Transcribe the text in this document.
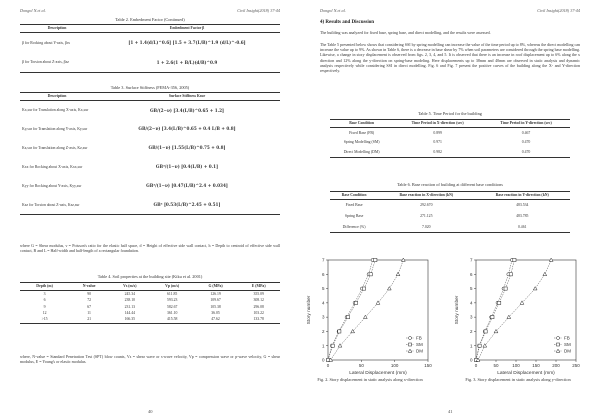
Dongol N.et al.	Civil Insight(2018) 37-44
Table 2. Embedment Factor (Continued)
Description	Embedment Factor β
β for Rocking about Y-axis, βrx	[1 + 1.4(d/L)^0.6] [1.5 + 3.7(L/B)^1.9 (d/L)^-0.6]
β for Torsion about Z-axis, βzz	1 + 2.6(1 + B/L)(d/B)^0.9
Table 3. Surface Stiffness (FEMA-356, 2005)
Description	Surface Stiffness Ksur
Kx,sur for Translation along X-axis, Kx,sur	GB/(2−ν) [3.4(L/B)^0.65 + 1.2]
Ky,sur for Translation along Y-axis, Ky,sur	GB/(2−ν) [3.4(L/B)^0.65 + 0.4 L/B + 0.8]
Kz,sur for Translation along Z-axis, Kz,sur	GB/(1−ν) [1.55(L/B)^0.75 + 0.8]
Kxx for Rocking about X-axis, Kxx,sur	GB³/(1−ν) [0.4(L/B) + 0.1]
Kyy for Rocking about Y-axis, Kyy,sur	GB³/(1−ν) [0.47(L/B)^2.4 + 0.034]
Kzz for Torsion about Z-axis, Kzz,sur	GB³ [0.53(L/B)^2.45 + 0.51]
where G = Shear modulus, ν = Poisson's ratio for the elastic half space, d = Height of effective side wall contact, h = Depth to centroid of effective side wall contact, B and L = Half-width and half-length of a rectangular foundation.
Table 4. Soil properties at the building site (Kiku et al. 2001)
Depth (m)	N-value	Vs (m/s)	Vp (m/s)	G (MPa)	E (MPa)
3	90	245.34	611.85	126.19	355.09
6	72	238.10	593.23	109.67	308.12
9	67	231.13	582.67	105.38	296.08
12	11	144.44	361.10	36.05	103.22
>15	21	166.35	415.58	47.62	133.78
where, N-value = Standard Penetration Test (SPT) blow counts, Vs = shear wave or s-wave velocity, Vp = compression wave or p-wave velocity, G = shear modulus, E = Young's or elastic modulus.
40
Dongol N.et al.	Civil Insight(2018) 37-44
4) Results and Discussion
The building was analyzed for fixed base, spring base, and direct modelling, and the results were assessed.
The Table 5 presented below shows that considering SSI by spring modelling can increase the value of the time period up to 8%, whereas the direct modelling can increase the value up to 9%. As shown in Table 6, there is a decrease in base shear by 7% when soil parameters are considered through the spring base modelling. Likewise, a change in story displacement is observed from figs. 2, 3, 4, and 5. It is observed that there is an increase in roof displacement up to 6% along the x direction and 12% along the y-direction on spring-base modeling. Here displacements up to 38mm and 40mm are observed in static analysis and dynamic analysis respectively while considering SSI in direct modelling. Fig. 6 and Fig. 7 present the positive curves of the building along the X- and Y-direction respectively.
Table 5. Time Period for the building
Base Condition	Time Period in X-direction (sec)	Time Period in Y-direction (sec)
Fixed Base (FB)	0.899	0.467
Spring Modelling (SM)	0.971	0.470
Direct Modelling (DM)	0.982	0.470
Table 6. Base reaction of building at different base conditions
Base Condition	Base reaction in X-direction (kN)	Base reaction in Y-direction (kN)
Fixed Base	292.670	483.534
Spring Base	271.125	483.785
Difference (%)	7.020	0.461
41
0	50	100	150
0
1
2
3
4
5
6
7
Lateral Displacement (mm)
Story number
FB
SM
DM
Fig. 2. Story displacement in static analysis along x-direction
0	50	100	150	200	250
0
1
2
3
4
5
6
7
Lateral Displacement (mm)
Story number
FB
SM
DM
Fig. 3. Story displacement in static analysis along y-direction
